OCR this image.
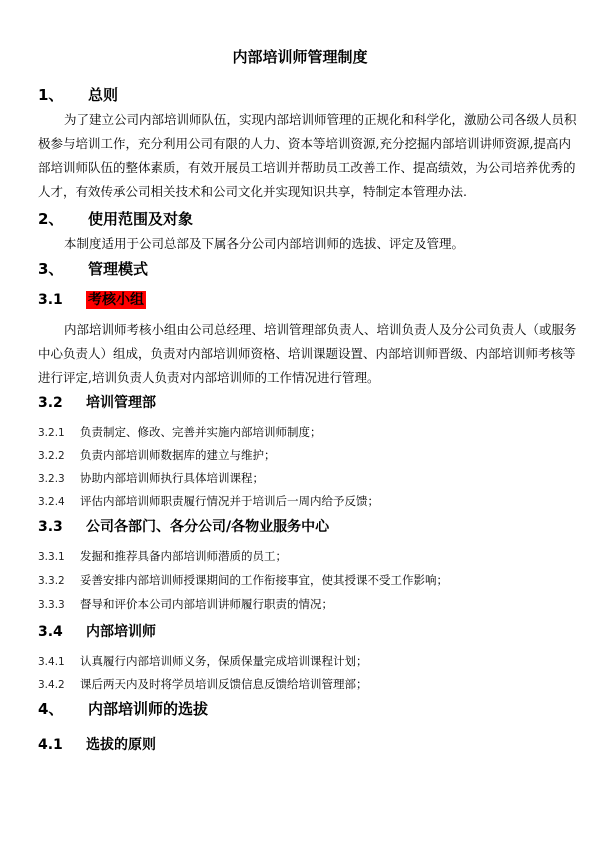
内部培训师管理制度
1、 总则
为了建立公司内部培训师队伍，实现内部培训师管理的正规化和科学化，激励公司各级人员积
极参与培训工作，充分利用公司有限的人力、资本等培训资源,充分挖掘内部培训讲师资源,提高内
部培训师队伍的整体素质，有效开展员工培训并帮助员工改善工作、提高绩效，为公司培养优秀的
人才，有效传承公司相关技术和公司文化并实现知识共享，特制定本管理办法.
2、 使用范围及对象
本制度适用于公司总部及下属各分公司内部培训师的选拔、评定及管理。
3、 管理模式
3.1 考核小组
内部培训师考核小组由公司总经理、培训管理部负责人、培训负责人及分公司负责人（或服务
中心负责人）组成，负责对内部培训师资格、培训课题设置、内部培训师晋级、内部培训师考核等
进行评定,培训负责人负责对内部培训师的工作情况进行管理。
3.2 培训管理部
3.2.1 负责制定、修改、完善并实施内部培训师制度；
3.2.2 负责内部培训师数据库的建立与维护；
3.2.3 协助内部培训师执行具体培训课程；
3.2.4 评估内部培训师职责履行情况并于培训后一周内给予反馈；
3.3 公司各部门、各分公司/各物业服务中心
3.3.1 发掘和推荐具备内部培训师潜质的员工；
3.3.2 妥善安排内部培训师授课期间的工作衔接事宜，使其授课不受工作影响；
3.3.3 督导和评价本公司内部培训讲师履行职责的情况；
3.4 内部培训师
3.4.1 认真履行内部培训师义务，保质保量完成培训课程计划；
3.4.2 课后两天内及时将学员培训反馈信息反馈给培训管理部；
4、 内部培训师的选拔
4.1 选拔的原则
